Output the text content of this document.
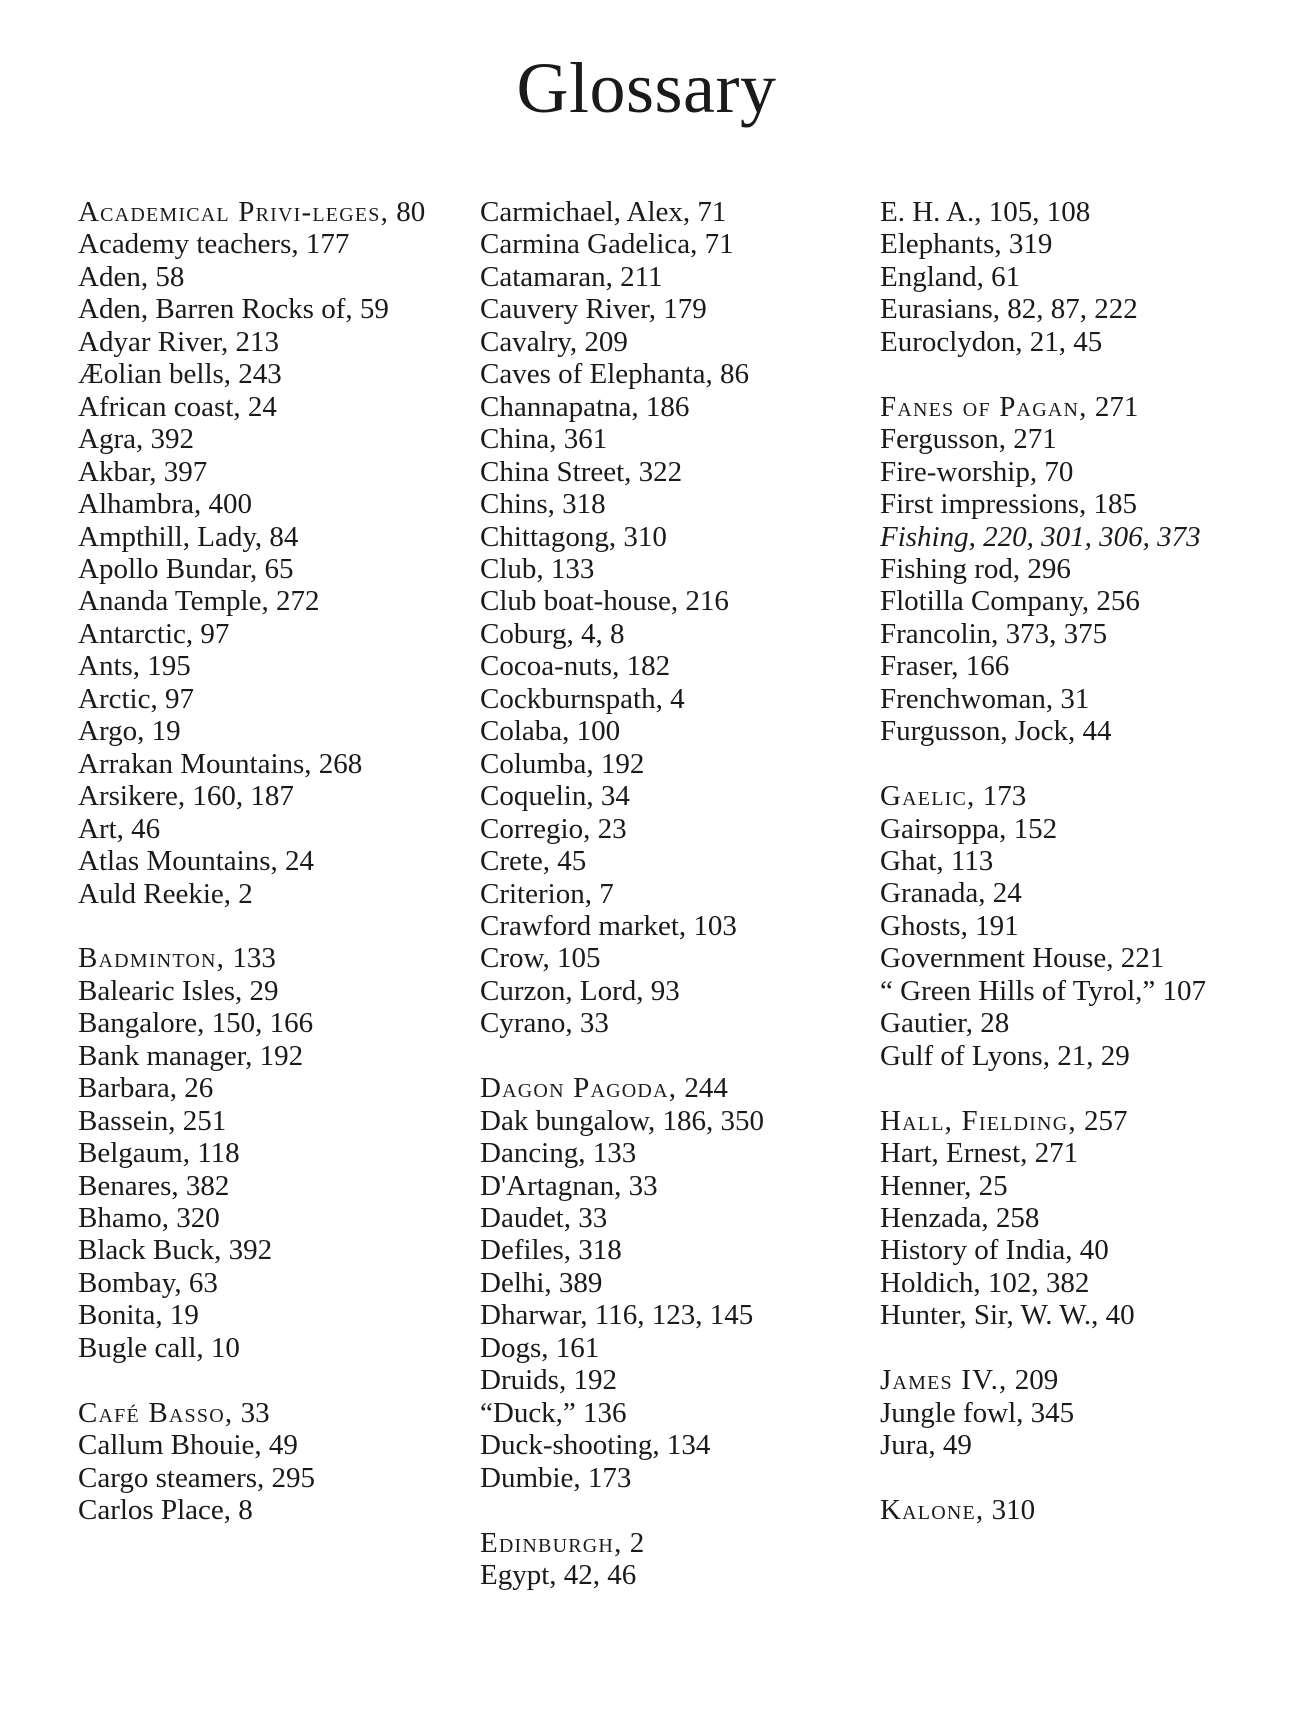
Glossary
Academical Privi-leges, 80
Academy teachers, 177
Aden, 58
Aden, Barren Rocks of, 59
Adyar River, 213
Æolian bells, 243
African coast, 24
Agra, 392
Akbar, 397
Alhambra, 400
Ampthill, Lady, 84
Apollo Bundar, 65
Ananda Temple, 272
Antarctic, 97
Ants, 195
Arctic, 97
Argo, 19
Arrakan Mountains, 268
Arsikere, 160, 187
Art, 46
Atlas Mountains, 24
Auld Reekie, 2
Badminton, 133
Balearic Isles, 29
Bangalore, 150, 166
Bank manager, 192
Barbara, 26
Bassein, 251
Belgaum, 118
Benares, 382
Bhamo, 320
Black Buck, 392
Bombay, 63
Bonita, 19
Bugle call, 10
Café Basso, 33
Callum Bhouie, 49
Cargo steamers, 295
Carlos Place, 8
Carmichael, Alex, 71
Carmina Gadelica, 71
Catamaran, 211
Cauvery River, 179
Cavalry, 209
Caves of Elephanta, 86
Channapatna, 186
China, 361
China Street, 322
Chins, 318
Chittagong, 310
Club, 133
Club boat-house, 216
Coburg, 4, 8
Cocoa-nuts, 182
Cockburnspath, 4
Colaba, 100
Columba, 192
Coquelin, 34
Corregio, 23
Crete, 45
Criterion, 7
Crawford market, 103
Crow, 105
Curzon, Lord, 93
Cyrano, 33
Dagon Pagoda, 244
Dak bungalow, 186, 350
Dancing, 133
D'Artagnan, 33
Daudet, 33
Defiles, 318
Delhi, 389
Dharwar, 116, 123, 145
Dogs, 161
Druids, 192
“Duck,” 136
Duck-shooting, 134
Dumbie, 173
Edinburgh, 2
Egypt, 42, 46
E. H. A., 105, 108
Elephants, 319
England, 61
Eurasians, 82, 87, 222
Euroclydon, 21, 45
Fanes of Pagan, 271
Fergusson, 271
Fire-worship, 70
First impressions, 185
Fishing, 220, 301, 306, 373
Fishing rod, 296
Flotilla Company, 256
Francolin, 373, 375
Fraser, 166
Frenchwoman, 31
Furgusson, Jock, 44
Gaelic, 173
Gairsoppa, 152
Ghat, 113
Granada, 24
Ghosts, 191
Government House, 221
“ Green Hills of Tyrol,” 107
Gautier, 28
Gulf of Lyons, 21, 29
Hall, Fielding, 257
Hart, Ernest, 271
Henner, 25
Henzada, 258
History of India, 40
Holdich, 102, 382
Hunter, Sir, W. W., 40
James IV., 209
Jungle fowl, 345
Jura, 49
Kalone, 310
